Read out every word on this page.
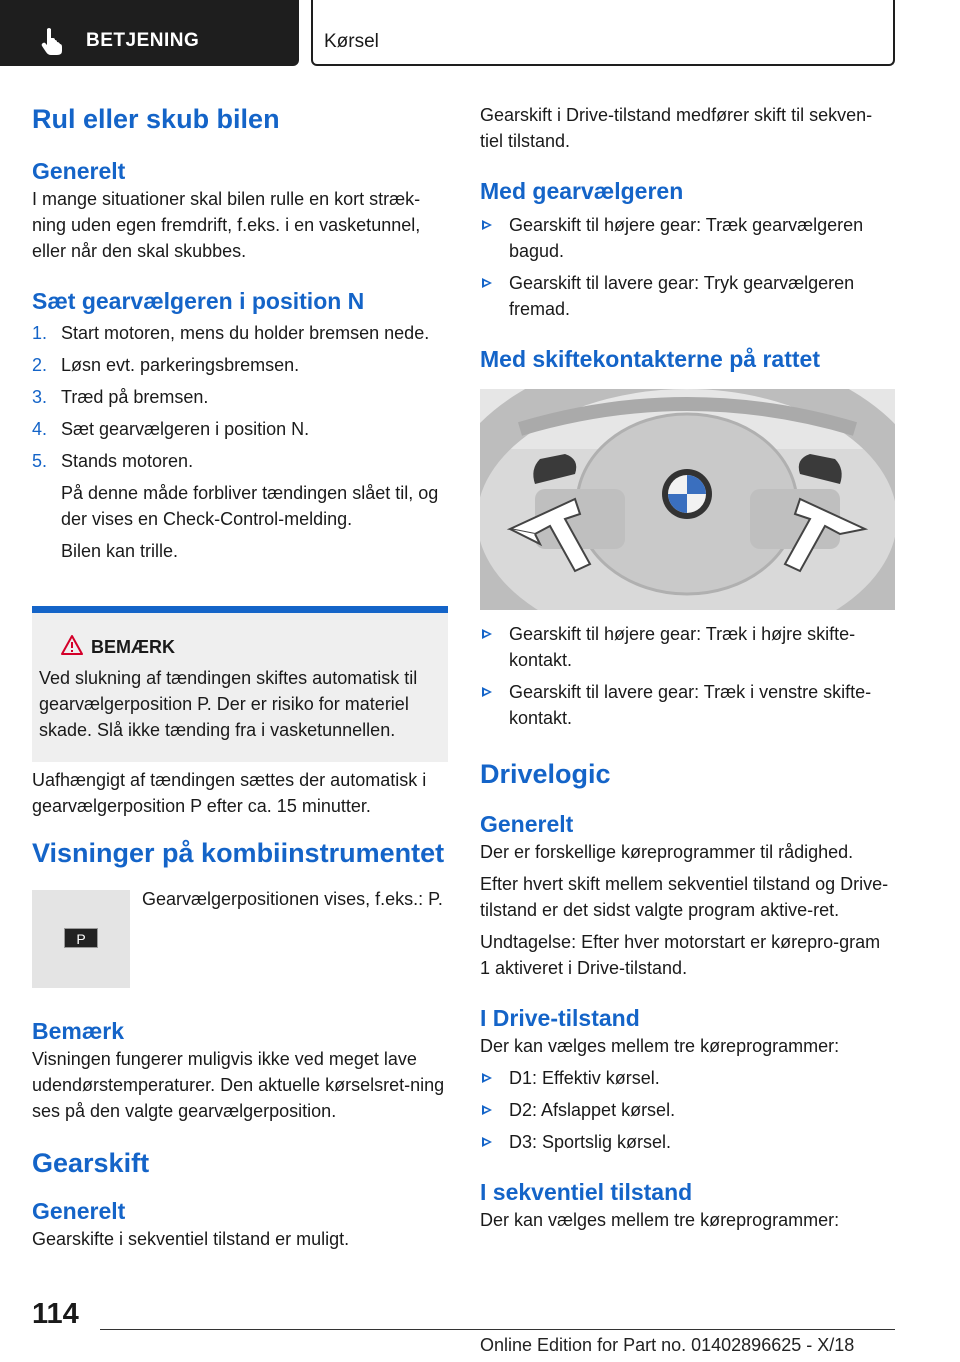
BETJENING	Kørsel
Rul eller skub bilen
Generelt

I mange situationer skal bilen rulle en kort stræk-ning uden egen fremdrift, f.eks. i en vasketunnel, eller når den skal skubbes.

Sæt gearvælgeren i position N
1. Start motoren, mens du holder bremsen nede.
2. Løsn evt. parkeringsbremsen.
3. Træd på bremsen.
4. Sæt gearvælgeren i position N.
5. Stands motoren.

På denne måde forbliver tændingen slået til, og der vises en Check-Control-melding.

Bilen kan trille.

BEMÆRK

Ved slukning af tændingen skiftes automatisk til gearvælgerposition P. Der er risiko for materiel skade. Slå ikke tænding fra i vasketunnellen.

Uafhængigt af tændingen sættes der automatisk i gearvælgerposition P efter ca. 15 minutter.

Visninger på kombiinstrumentet
P

Gearvælgerpositionen vises, f.eks.: P.

Bemærk

Visningen fungerer muligvis ikke ved meget lave udendørstemperaturer. Den aktuelle kørselsret-ning ses på den valgte gearvælgerposition.

Gearskift
Generelt

Gearskifte i sekventiel tilstand er muligt.

Gearskift i Drive-tilstand medfører skift til sekven-tiel tilstand.

Med gearvælgeren
Gearskift til højere gear: Træk gearvælgeren bagud.
Gearskift til lavere gear: Tryk gearvælgeren fremad.
Med skiftekontakterne på rattet
Gearskift til højere gear: Træk i højre skifte-kontakt.
Gearskift til lavere gear: Træk i venstre skifte-kontakt.
Drivelogic
Generelt

Der er forskellige køreprogrammer til rådighed.

Efter hvert skift mellem sekventiel tilstand og Drive-tilstand er det sidst valgte program aktive-ret.

Undtagelse: Efter hver motorstart er kørepro-gram 1 aktiveret i Drive-tilstand.

I Drive-tilstand

Der kan vælges mellem tre køreprogrammer:

D1: Effektiv kørsel.
D2: Afslappet kørsel.
D3: Sportslig kørsel.
I sekventiel tilstand

Der kan vælges mellem tre køreprogrammer:

114
Online Edition for Part no. 01402896625 - X/18
